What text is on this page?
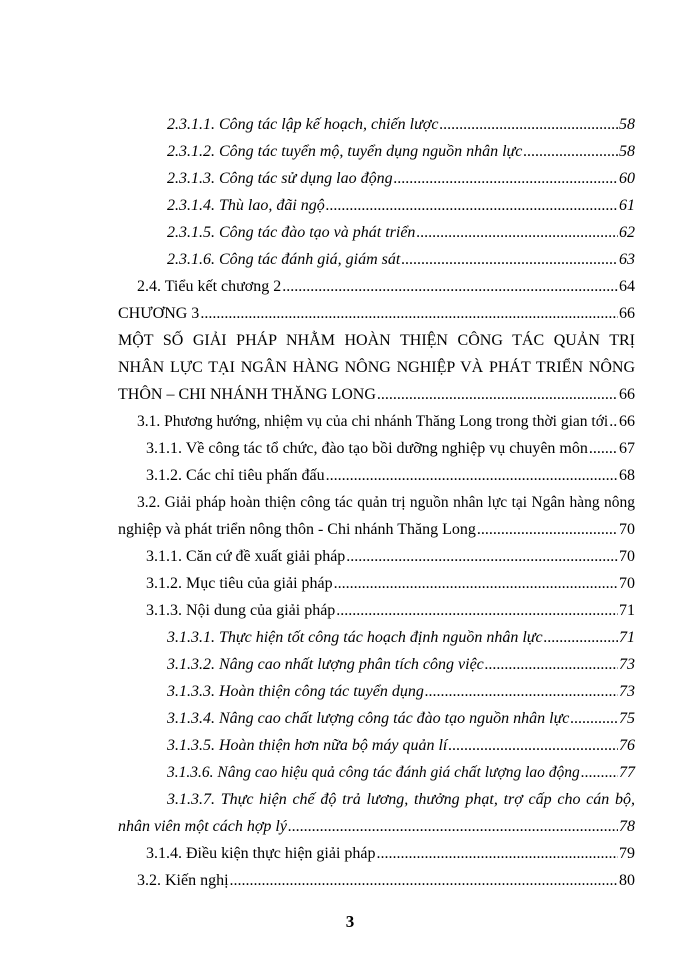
2.3.1.1. Công tác lập kế hoạch, chiến lược .....	58
2.3.1.2. Công tác tuyển mộ, tuyển dụng nguồn nhân lực .....	58
2.3.1.3. Công tác sử dụng lao động .....	60
2.3.1.4. Thù lao, đãi ngộ .....	61
2.3.1.5. Công tác đào tạo và phát triển .....	62
2.3.1.6. Công tác đánh giá, giám sát .....	63
2.4. Tiểu kết chương 2 .....	64
CHƯƠNG 3 .....	66
MỘT SỐ GIẢI PHÁP NHẰM HOÀN THIỆN CÔNG TÁC QUẢN TRỊ
NHÂN LỰC TẠI NGÂN HÀNG NÔNG NGHIỆP VÀ PHÁT TRIỂN NÔNG
THÔN – CHI NHÁNH THĂNG LONG .....	66
3.1. Phương hướng, nhiệm vụ của chi nhánh Thăng Long trong thời gian tới ..... 66
3.1.1. Về công tác tổ chức, đào tạo bồi dưỡng nghiệp vụ chuyên môn ..... 67
3.1.2. Các chỉ tiêu phấn đấu .....	68
3.2. Giải pháp hoàn thiện công tác quản trị nguồn nhân lực tại Ngân hàng nông
nghiệp và phát triển nông thôn - Chi nhánh Thăng Long .....	70
3.1.1. Căn cứ đề xuất giải pháp .....	70
3.1.2. Mục tiêu của giải pháp .....	70
3.1.3. Nội dung của giải pháp .....	71
3.1.3.1. Thực hiện tốt công tác hoạch định nguồn nhân lực .....	71
3.1.3.2. Nâng cao nhất lượng phân tích công việc .....	73
3.1.3.3. Hoàn thiện công tác tuyển dụng .....	73
3.1.3.4. Nâng cao chất lượng công tác đào tạo nguồn nhân lực .....	75
3.1.3.5. Hoàn thiện hơn nữa bộ máy quản lí .....	76
3.1.3.6. Nâng cao hiệu quả công tác đánh giá chất lượng lao động ..... 77
3.1.3.7. Thực hiện chế độ trả lương, thưởng phạt, trợ cấp cho cán bộ,
nhân viên một cách hợp lý .....	78
3.1.4. Điều kiện thực hiện giải pháp .....	79
3.2. Kiến nghị .....	80
3
